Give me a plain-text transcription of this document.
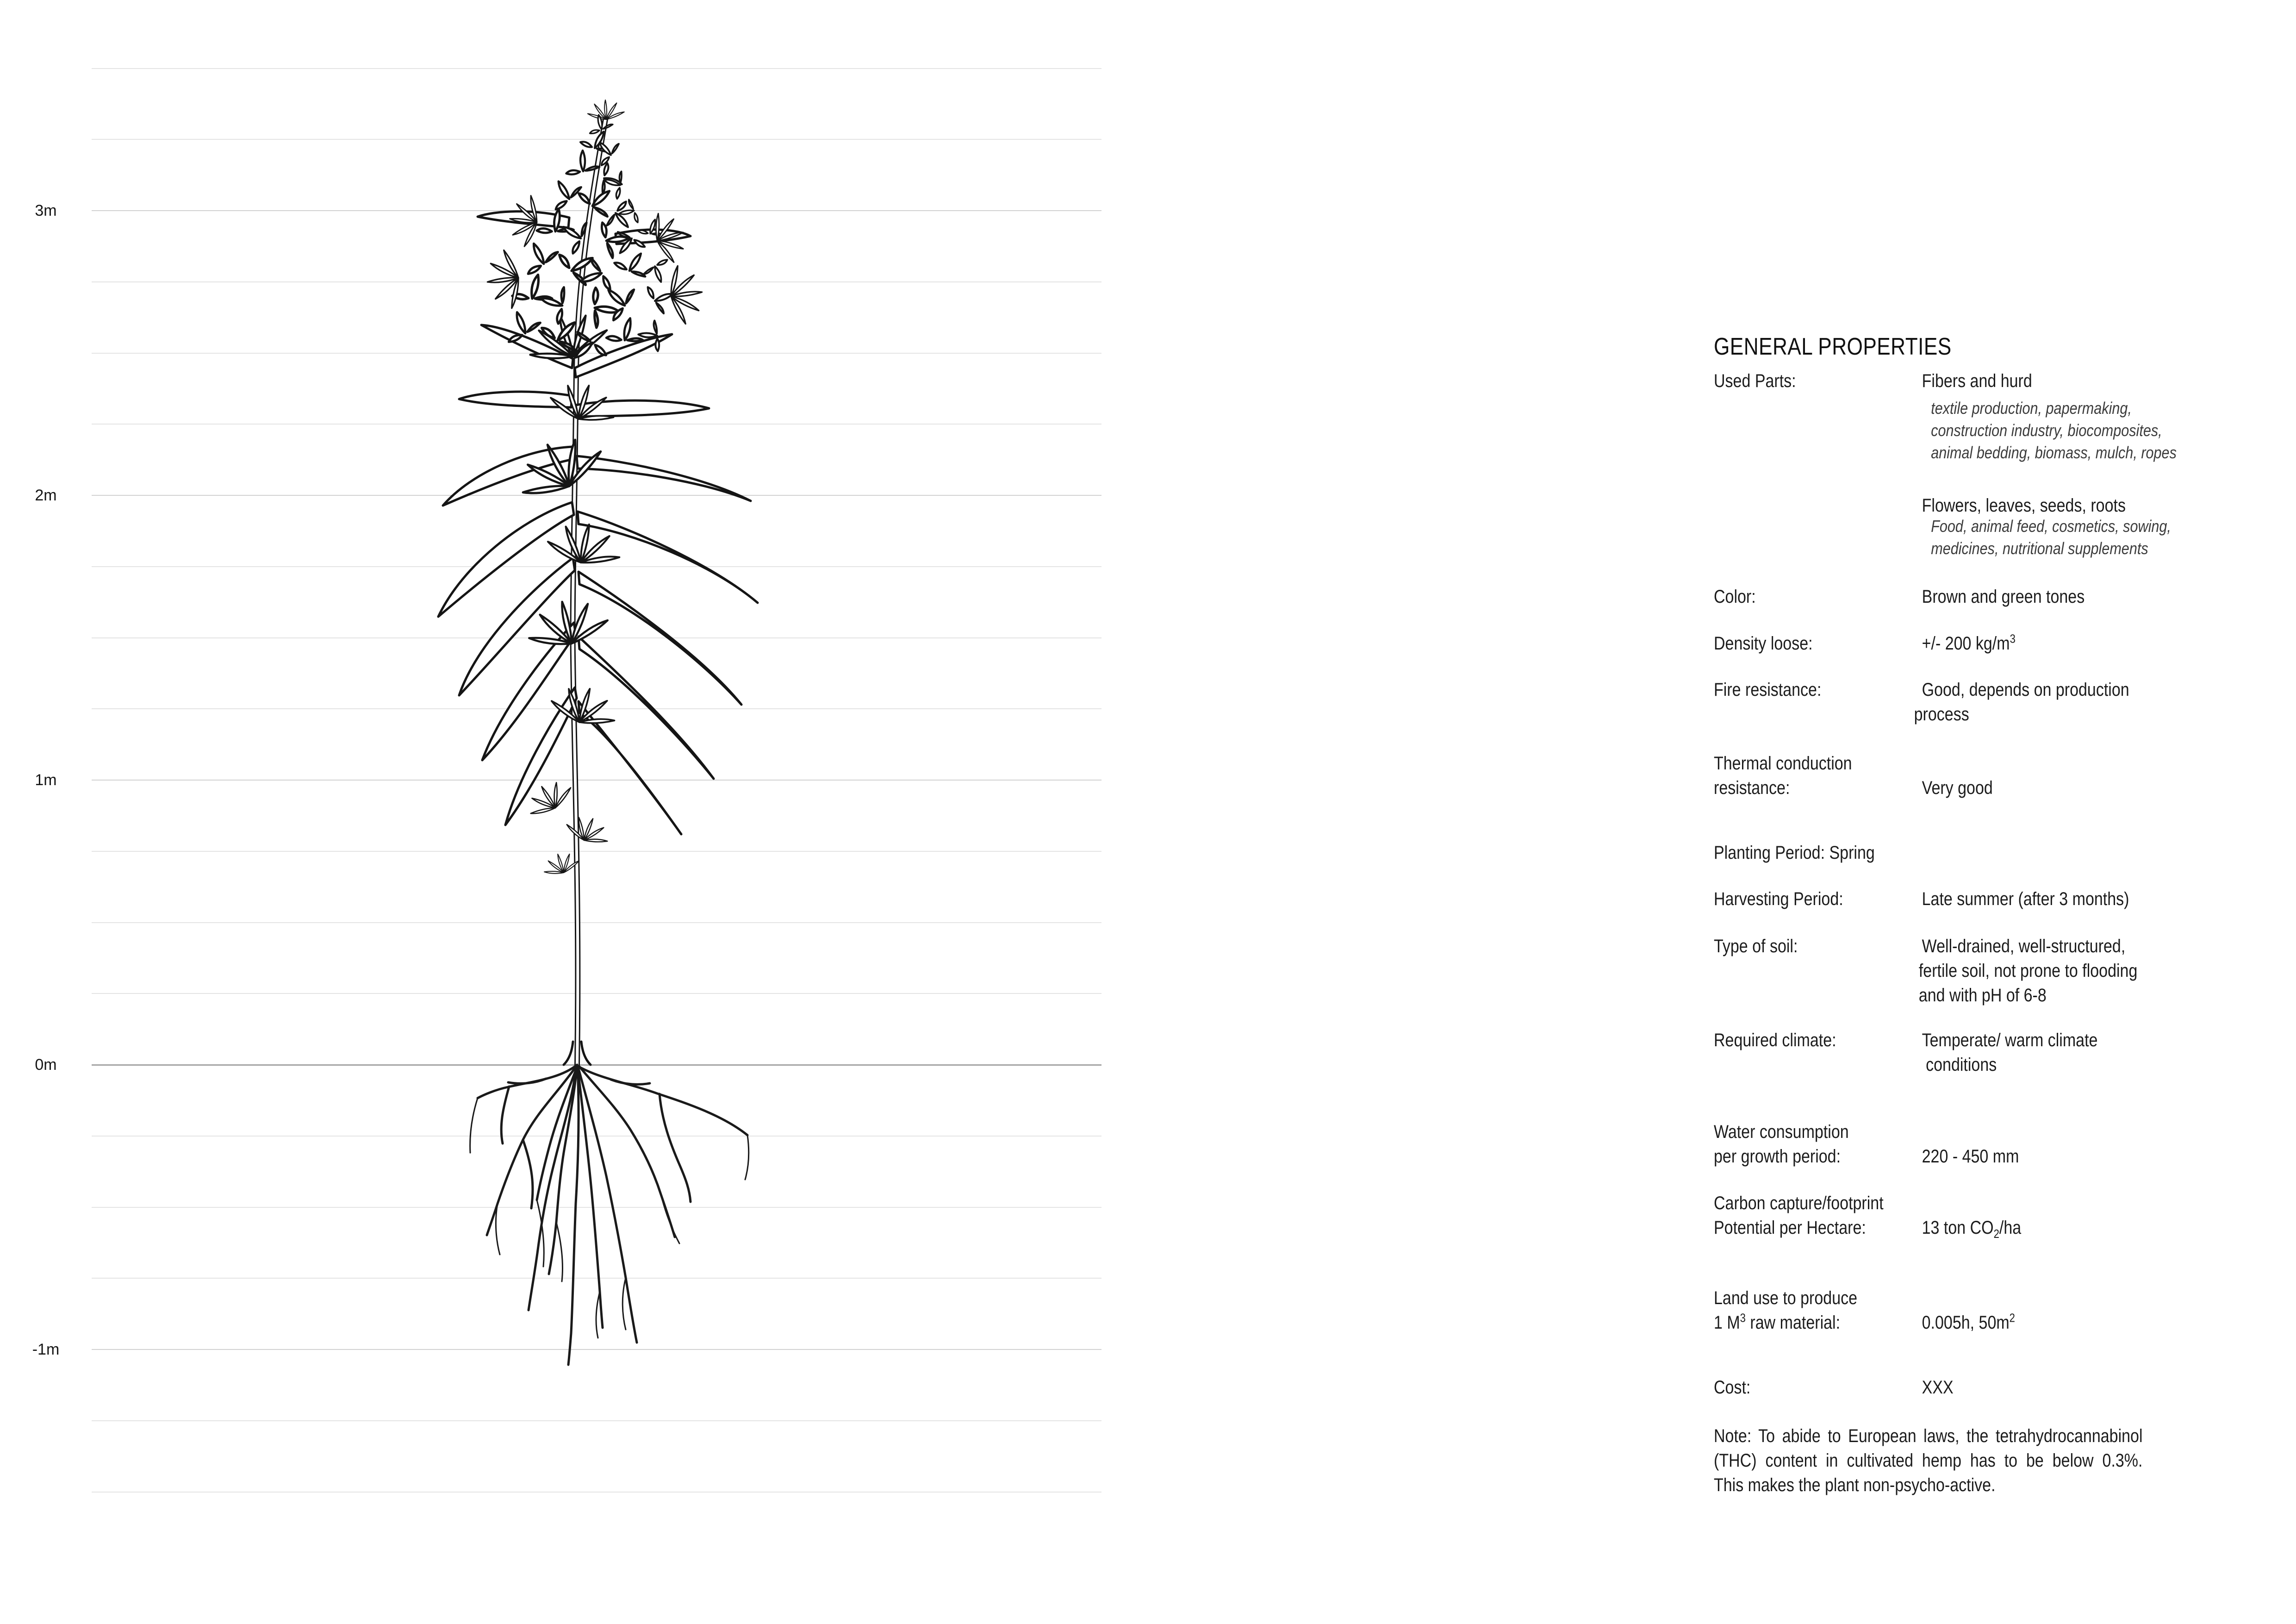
3m
2m
1m
0m
-1m
GENERAL PROPERTIES
Used Parts:	Fibers and hurd
textile production, papermaking,
construction industry, biocomposites,
animal bedding, biomass, mulch, ropes
Flowers, leaves, seeds, roots
Food, animal feed, cosmetics, sowing,
medicines, nutritional supplements
Color:	Brown and green tones
Density loose:	+/- 200 $kg/m^3$
Fire resistance:	Good, depends on production
process
Thermal conduction
resistance:	Very good
Planting Period: Spring
Harvesting Period:	Late summer (after 3 months)
Type of soil:	Well-drained, well-structured,
fertile soil, not prone to flooding
and with pH of 6-8
Required climate:	Temperate/ warm climate
conditions
Water consumption
per growth period:	220 - 450 mm
Carbon capture/footprint
Potential per Hectare:	13 ton $CO_2/ha$
Land use to produce
1 $M^3$ raw material:	0.005h, $50m^2$
Cost:	XXX
Note: To abide to European laws, the tetrahydrocannabinol
(THC) content in cultivated hemp has to be below 0.3%.
This makes the plant non-psycho-active.
